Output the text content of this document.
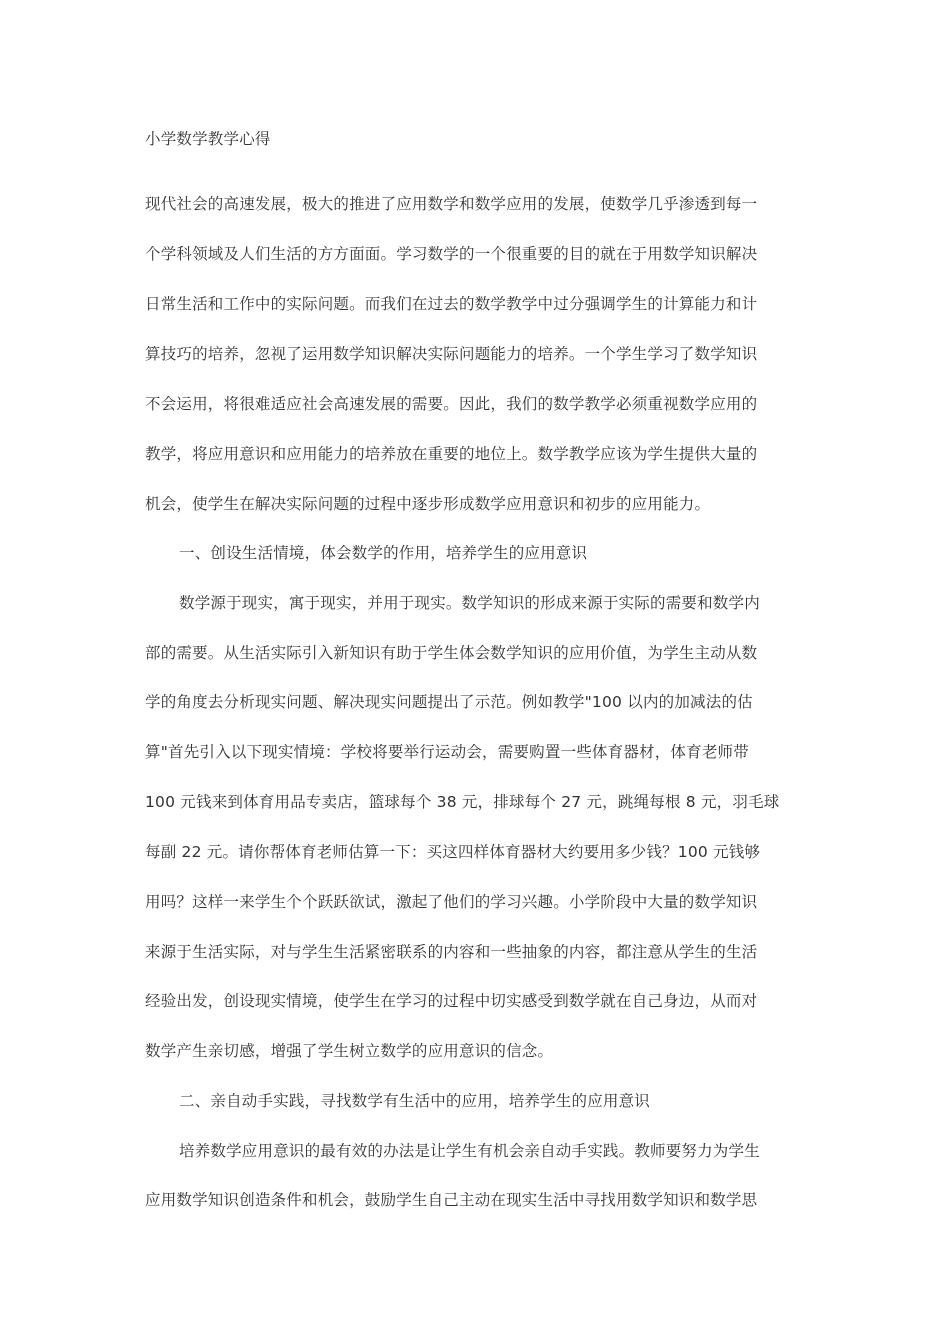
小学数学教学心得
现代社会的高速发展，极大的推进了应用数学和数学应用的发展，使数学几乎渗透到每一
个学科领域及人们生活的方方面面。学习数学的一个很重要的目的就在于用数学知识解决
日常生活和工作中的实际问题。而我们在过去的数学教学中过分强调学生的计算能力和计
算技巧的培养，忽视了运用数学知识解决实际问题能力的培养。一个学生学习了数学知识
不会运用，将很难适应社会高速发展的需要。因此，我们的数学教学必须重视数学应用的
教学，将应用意识和应用能力的培养放在重要的地位上。数学教学应该为学生提供大量的
机会，使学生在解决实际问题的过程中逐步形成数学应用意识和初步的应用能力。
一、创设生活情境，体会数学的作用，培养学生的应用意识
数学源于现实，寓于现实，并用于现实。数学知识的形成来源于实际的需要和数学内
部的需要。从生活实际引入新知识有助于学生体会数学知识的应用价值，为学生主动从数
学的角度去分析现实问题、解决现实问题提出了示范。例如教学"100 以内的加减法的估
算"首先引入以下现实情境：学校将要举行运动会，需要购置一些体育器材，体育老师带
100 元钱来到体育用品专卖店，篮球每个 38 元，排球每个 27 元，跳绳每根 8 元，羽毛球
每副 22 元。请你帮体育老师估算一下：买这四样体育器材大约要用多少钱？100 元钱够
用吗？这样一来学生个个跃跃欲试，激起了他们的学习兴趣。小学阶段中大量的数学知识
来源于生活实际，对与学生生活紧密联系的内容和一些抽象的内容，都注意从学生的生活
经验出发，创设现实情境，使学生在学习的过程中切实感受到数学就在自己身边，从而对
数学产生亲切感，增强了学生树立数学的应用意识的信念。
二、亲自动手实践，寻找数学有生活中的应用，培养学生的应用意识
培养数学应用意识的最有效的办法是让学生有机会亲自动手实践。教师要努力为学生
应用数学知识创造条件和机会，鼓励学生自己主动在现实生活中寻找用数学知识和数学思
